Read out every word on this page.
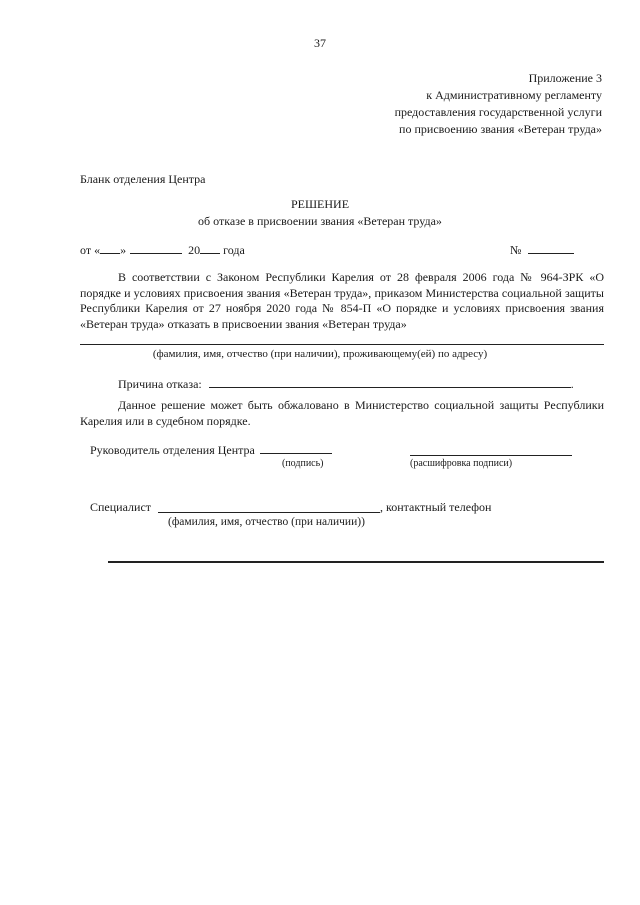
37
Приложение 3
к Административному регламенту
предоставления государственной услуги
по присвоению звания «Ветеран труда»
Бланк отделения Центра
РЕШЕНИЕ
об отказе в присвоении звания «Ветеран труда»
от « »	20 года	№
В соответствии с Законом Республики Карелия от 28 февраля 2006 года № 964-ЗРК «О порядке и условиях присвоения звания «Ветеран труда», приказом Министерства социальной защиты Республики Карелия от 27 ноября 2020 года № 854-П «О порядке и условиях присвоения звания «Ветеран труда» отказать в присвоении звания «Ветеран труда»
(фамилия, имя, отчество (при наличии), проживающему(ей) по адресу)
Причина отказа:	.
Данное решение может быть обжаловано в Министерство социальной защиты Республики Карелия или в судебном порядке.
Руководитель отделения Центра
(подпись)	(расшифровка подписи)
Специалист	, контактный телефон
(фамилия, имя, отчество (при наличии))
